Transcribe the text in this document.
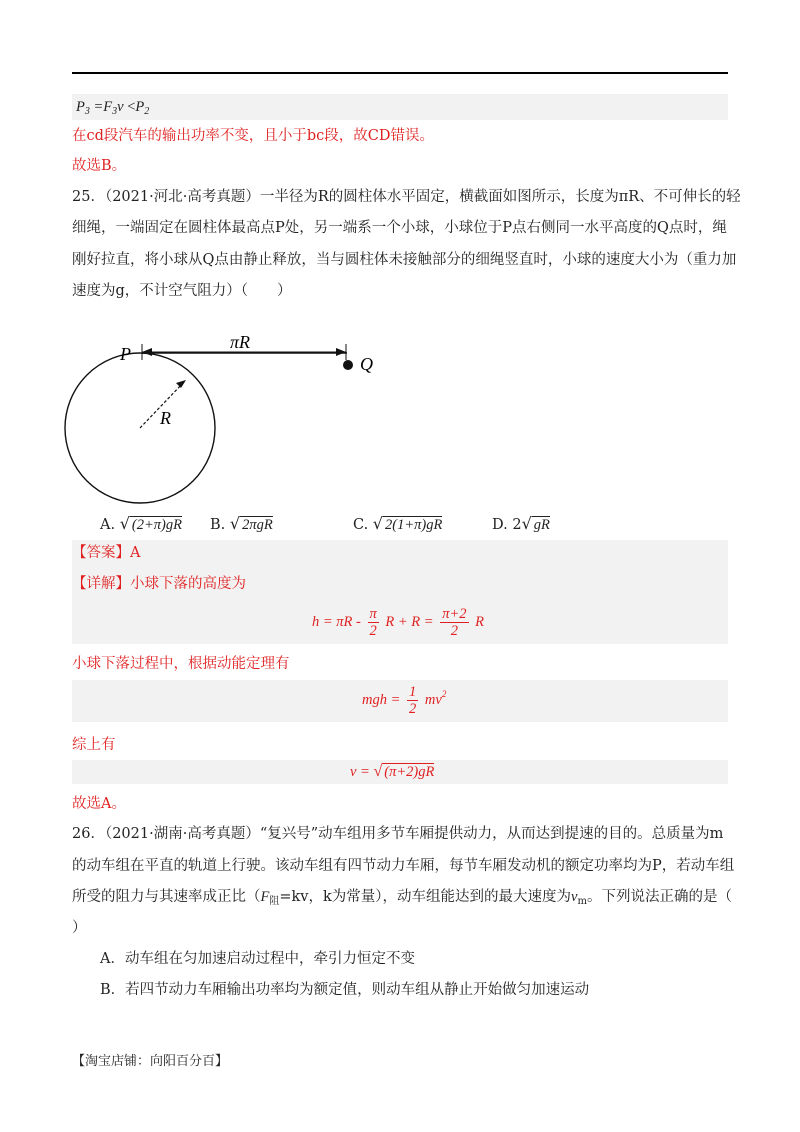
$P_3 =F_3v <P_2$
在cd段汽车的输出功率不变，且小于bc段，故CD错误。
故选B。
25．（2021·河北·高考真题）一半径为R的圆柱体水平固定，横截面如图所示，长度为πR、不可伸长的轻
细绳，一端固定在圆柱体最高点P处，另一端系一个小球，小球位于P点右侧同一水平高度的Q点时，绳
刚好拉直，将小球从Q点由静止释放，当与圆柱体未接触部分的细绳竖直时，小球的速度大小为（重力加
速度为g，不计空气阻力）（　　）
P
πR
Q
R
A. √ (2+π)gR B. √ 2πgR	C. √ 2(1+π)gR	D. 2√ gR
【答案】A
【详解】小球下落的高度为
$h = \pi R - \frac{\pi}{2}$ $R + R = \frac{\pi+2}{2}$ R
小球下落过程中，根据动能定理有
mgh = $\frac{1}{2} mv^2$
综上有
v = √ (π+2)gR
故选A。
26．（2021·湖南·高考真题）“复兴号”动车组用多节车厢提供动力，从而达到提速的目的。总质量为m
的动车组在平直的轨道上行驶。该动车组有四节动力车厢，每节车厢发动机的额定功率均为P，若动车组
所受的阻力与其速率成正比（$F_阻=kv$，k为常量），动车组能达到的最大速度为$v_m$。下列说法正确的是（
）
A．动车组在匀加速启动过程中，牵引力恒定不变
B．若四节动力车厢输出功率均为额定值，则动车组从静止开始做匀加速运动
【淘宝店铺：向阳百分百】
